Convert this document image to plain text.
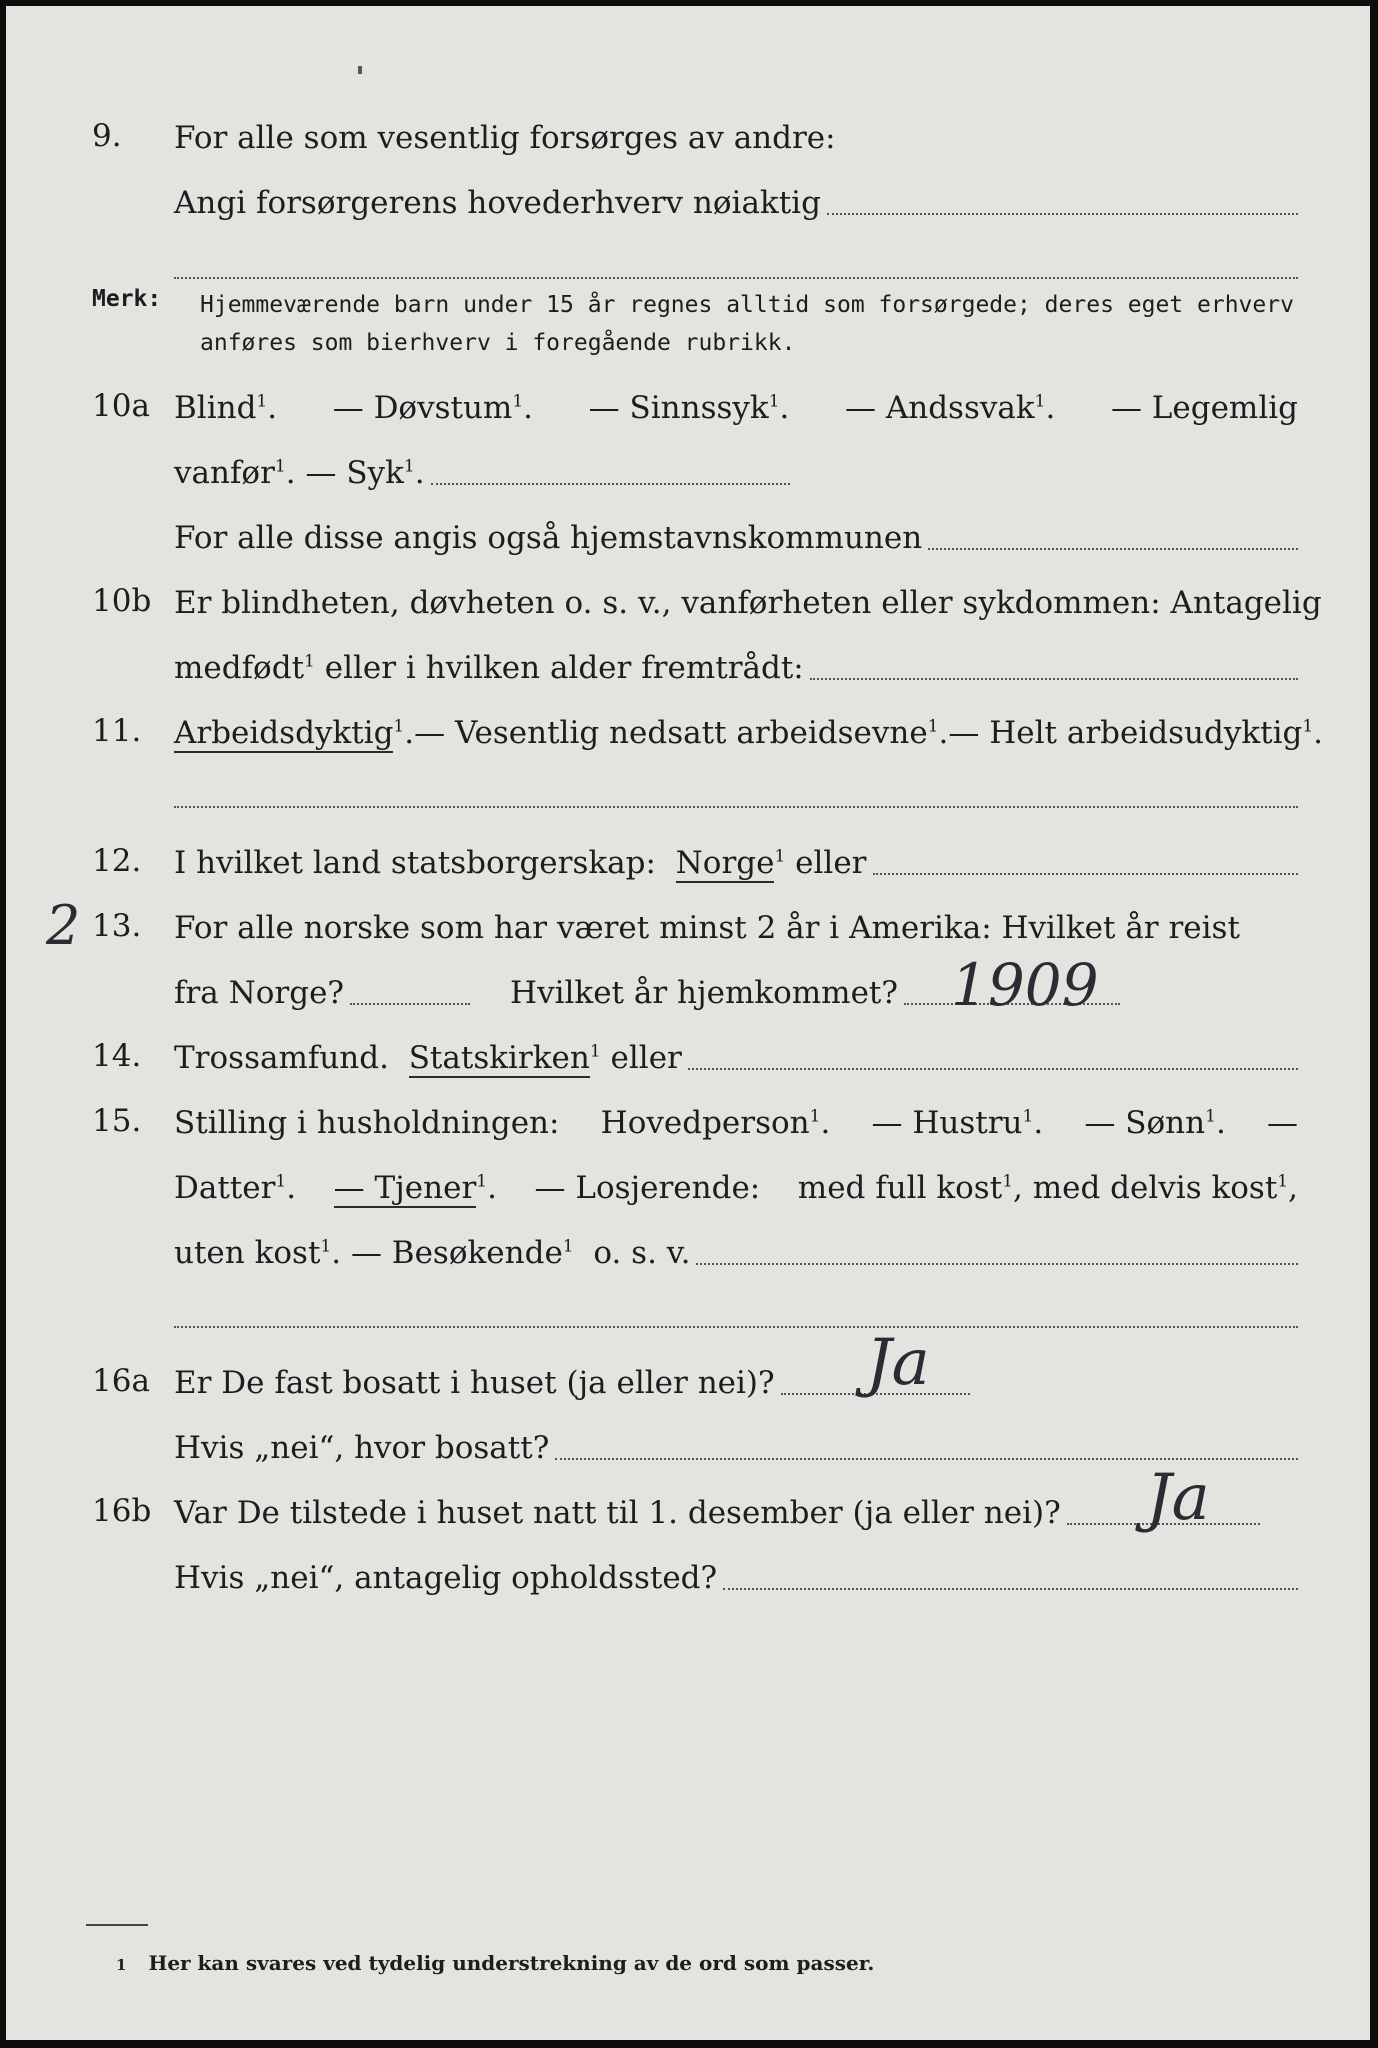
9. For alle som vesentlig forsørges av andre:
Angi forsørgerens hovederhverv nøiaktig
Merk: Hjemmeværende barn under 15 år regnes alltid som forsørgede; deres eget erhverv anføres som bierhverv i foregående rubrikk.
10a Blind$^1$. — Døvstum$^1$. — Sinnssyk$^1$. — Andssvak$^1$. — Legemlig
vanfør$^1$. — Syk$^1$.
For alle disse angis også hjemstavnskommunen
10b Er blindheten, døvheten o. s. v., vanførheten eller sykdommen: Antagelig
medfødt$^1$ eller i hvilken alder fremtrådt:
11. Arbeidsdyktig$^1$. — Vesentlig nedsatt arbeidsevne$^1$. — Helt arbeidsudyktig$^1$.
12. I hvilket land statsborgerskap: Norge$^1$ eller
13. For alle norske som har været minst 2 år i Amerika: Hvilket år reist
2
fra Norge?	Hvilket år hjemkommet? 1909
14. Trossamfund. Statskirken$^1$ eller
15. Stilling i husholdningen: Hovedperson$^1$. — Hustru$^1$. — Sønn$^1$. —
Datter$^1$. — Tjener$^1$. — Losjerende: med full kost$^1$, med delvis kost$^1$,
uten kost$^1$. — Besøkende$^1$ o. s. v.
16a Er De fast bosatt i huset (ja eller nei)? Ja
Hvis „nei“, hvor bosatt?
16b Var De tilstede i huset natt til 1. desember (ja eller nei)? Ja
Hvis „nei“, antagelig opholdssted?
1 Her kan svares ved tydelig understrekning av de ord som passer.
